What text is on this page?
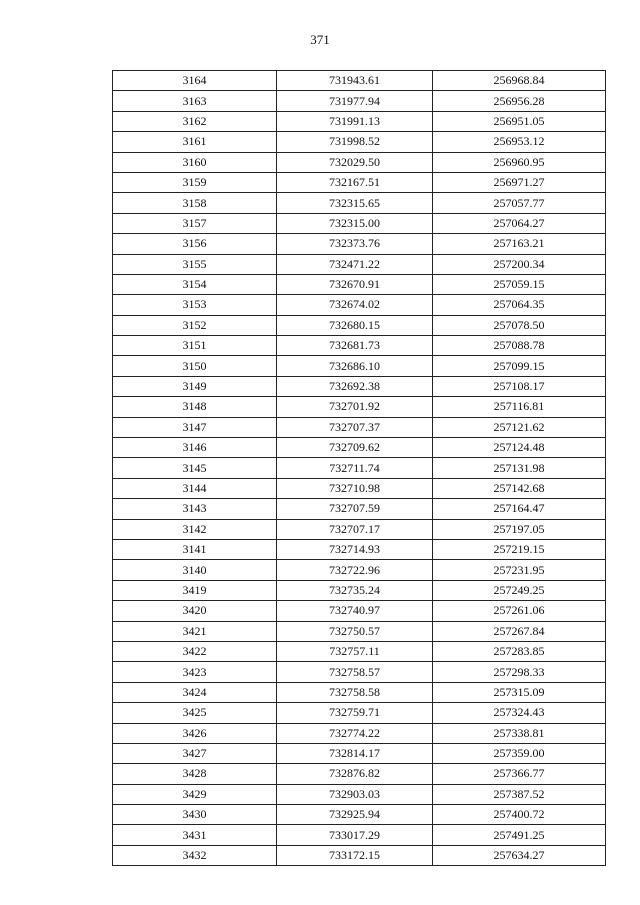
371
3164	731943.61	256968.84
3163	731977.94	256956.28
3162	731991.13	256951.05
3161	731998.52	256953.12
3160	732029.50	256960.95
3159	732167.51	256971.27
3158	732315.65	257057.77
3157	732315.00	257064.27
3156	732373.76	257163.21
3155	732471.22	257200.34
3154	732670.91	257059.15
3153	732674.02	257064.35
3152	732680.15	257078.50
3151	732681.73	257088.78
3150	732686.10	257099.15
3149	732692.38	257108.17
3148	732701.92	257116.81
3147	732707.37	257121.62
3146	732709.62	257124.48
3145	732711.74	257131.98
3144	732710.98	257142.68
3143	732707.59	257164.47
3142	732707.17	257197.05
3141	732714.93	257219.15
3140	732722.96	257231.95
3419	732735.24	257249.25
3420	732740.97	257261.06
3421	732750.57	257267.84
3422	732757.11	257283.85
3423	732758.57	257298.33
3424	732758.58	257315.09
3425	732759.71	257324.43
3426	732774.22	257338.81
3427	732814.17	257359.00
3428	732876.82	257366.77
3429	732903.03	257387.52
3430	732925.94	257400.72
3431	733017.29	257491.25
3432	733172.15	257634.27
